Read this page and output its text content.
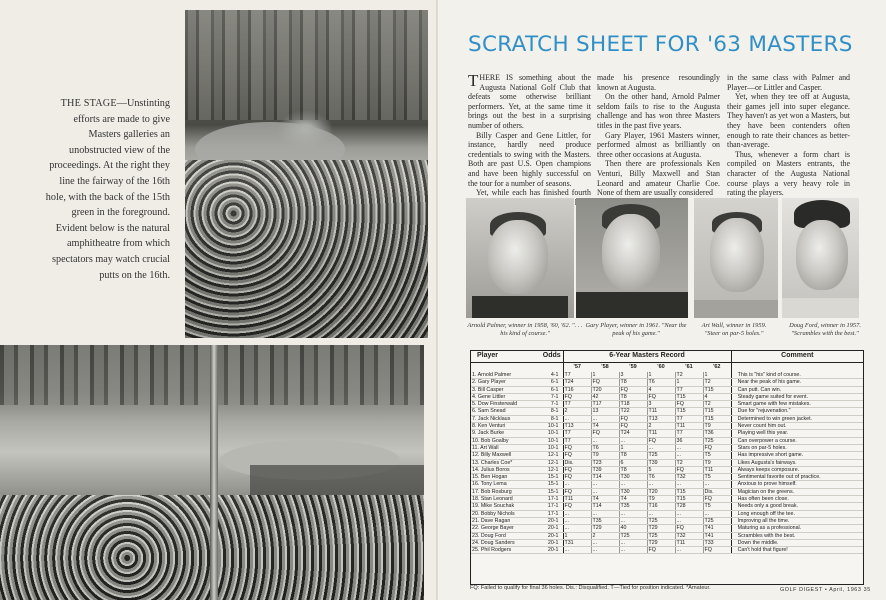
THE STAGE—Unstinting efforts are made to give Masters galleries an unobstructed view of the proceedings. At the right they line the fairway of the 16th hole, with the back of the 15th green in the foreground. Evident below is the natural amphitheatre from which spectators may watch crucial putts on the 16th.
SCRATCH SHEET FOR '63 MASTERS

THERE IS something about the Augusta National Golf Club that defeats some otherwise brilliant performers. Yet, at the same time it brings out the best in a surprising number of others.

Billy Casper and Gene Littler, for instance, hardly need produce credentials to swing with the Masters. Both are past U.S. Open champions and have been highly successful on the tour for a number of seasons.

Yet, while each has finished fourth

made his presence resoundingly known at Augusta.

On the other hand, Arnold Palmer seldom fails to rise to the Augusta challenge and has won three Masters titles in the past five years.

Gary Player, 1961 Masters winner, performed almost as brilliantly on three other occasions at Augusta.

Then there are professionals Ken Venturi, Billy Maxwell and Stan Leonard and amateur Charlie Coe. None of them are usually considered

in the same class with Palmer and Player—or Littler and Casper.

Yet, when they tee off at Augusta, their games jell into super elegance. They haven't as yet won a Masters, but they have been contenders often enough to rate their chances as better-than-average.

Thus, whenever a form chart is compiled on Masters entrants, the character of the Augusta National course plays a very heavy role in rating the players.

Arnold Palmer, winner in 1958, '60, '62. ". . . his kind of course."
Gary Player, winner in 1961. "Near the peak of his game."
Art Wall, winner in 1959. "Steer on par-5 holes."
Doug Ford, winner in 1957. "Scrambles with the best."
Player	Odds	6-Year Masters Record						Comment
		'57	'58	'59	'60	'61	'62	
1. Arnold Palmer	4-1	T7	1	3	1	T2	1	This is "his" kind of course.
2. Gary Player	6-1	T24	FQ	T8	T6	1	T2	Near the peak of his game.
3. Bill Casper	6-1	T16	T20	FQ	4	T7	T15	Can putt. Can win.
4. Gene Littler	7-1	FQ	42	T8	FQ	T15	4	Steady game suited for event.
5. Dow Finsterwald	7-1	T7	T17	T18	3	FQ	T2	Smart game with few mistakes.
6. Sam Snead	8-1	2	13	T22	T11	T15	T15	Due for "rejuvenation."
7. Jack Nicklaus	8-1	...	...	FQ	T13	T7	T15	Determined to win green jacket.
8. Ken Venturi	10-1	T13	T4	FQ	2	T11	T9	Never count him out.
9. Jack Burke	10-1	T7	FQ	T24	T11	T7	T36	Playing well this year.
10. Bob Goalby	10-1	T7	...	...	FQ	36	T25	Can overpower a course.
11. Art Wall	10-1	FQ	T6	1	...	...	FQ	Stars on par-5 holes.
12. Billy Maxwell	12-1	FQ	T9	T8	T25	...	T5	Has impressive short game.
13. Charles Coe*	12-1	Dis.	T23	6	T39	T2	T9	Likes Augusta's fairways.
14. Julius Boros	12-1	FQ	T39	T8	5	FQ	T11	Always keeps composure.
15. Ben Hogan	15-1	FQ	T14	T30	T6	T32	T5	Sentimental favorite out of practice.
16. Tony Lema	15-1	...	...	...	...	...	...	Anxious to prove himself.
17. Bob Rosburg	15-1	FQ	...	T30	T20	T15	Dis.	Magician on the greens.
18. Stan Leonard	17-1	T11	T4	T4	T9	T15	FQ	Has often been close.
19. Mike Souchak	17-1	FQ	T14	T35	T16	T28	T5	Needs only a good break.
20. Bobby Nichols	17-1	...	...	...	...	...	...	Long enough off the tee.
21. Dave Ragan	20-1	...	T35	...	T25	...	T25	Improving all the time.
22. George Bayer	20-1	...	T29	40	T29	FQ	T41	Maturing as a professional.
23. Doug Ford	20-1	1	2	T25	T25	T32	T41	Scrambles with the best.
24. Doug Sanders	20-1	T31	...	...	T29	T11	T33	Down the middle.
25. Phil Rodgers	20-1	...	...	...	FQ	...	FQ	Can't hold that figure!
FQ: Failed to qualify for final 36 holes. Dis.: Disqualified. T—Tied for position indicated. *Amateur.	GOLF DIGEST • April, 1963 35
